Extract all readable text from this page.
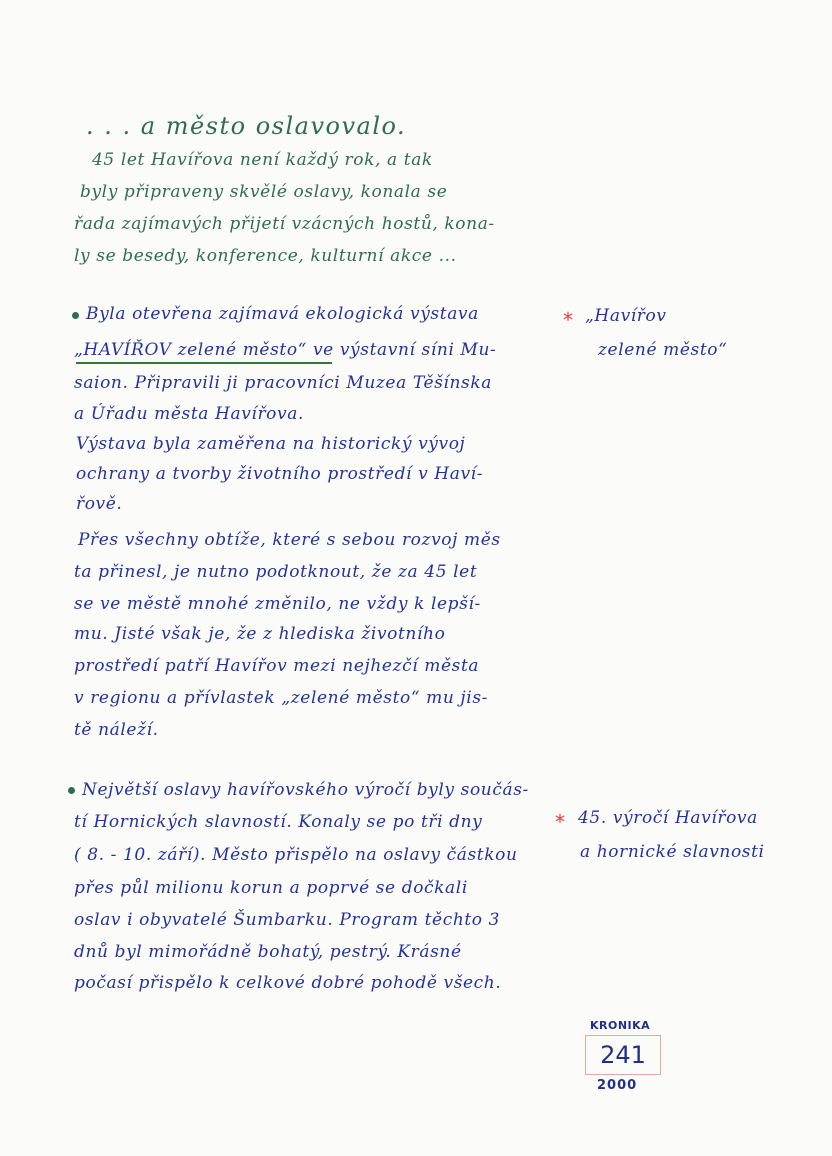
. . . a město oslavovalo.
45 let Havířova není každý rok, a tak
byly připraveny skvělé oslavy, konala se
řada zajímavých přijetí vzácných hostů, kona-
ly se besedy, konference, kulturní akce ...
Byla otevřena zajímavá ekologická výstava
„HAVÍŘOV zelené město“ ve výstavní síni Mu-
saion. Připravili ji pracovníci Muzea Těšínska
a Úřadu města Havířova.
Výstava byla zaměřena na historický vývoj
ochrany a tvorby životního prostředí v Haví-
řově.
Přes všechny obtíže, které s sebou rozvoj měs
ta přinesl, je nutno podotknout, že za 45 let
se ve městě mnohé změnilo, ne vždy k lepší-
mu. Jisté však je, že z hlediska životního
prostředí patří Havířov mezi nejhezčí města
v regionu a přívlastek „zelené město“ mu jis-
tě náleží.
* „Havířov
zelené město“
Největší oslavy havířovského výročí byly součás-
tí Hornických slavností. Konaly se po tři dny
( 8. - 10. září). Město přispělo na oslavy částkou
přes půl milionu korun a poprvé se dočkali
oslav i obyvatelé Šumbarku. Program těchto 3
dnů byl mimořádně bohatý, pestrý. Krásné
počasí přispělo k celkové dobré pohodě všech.
* 45. výročí Havířova
a hornické slavnosti
KRONIKA
241
2000
